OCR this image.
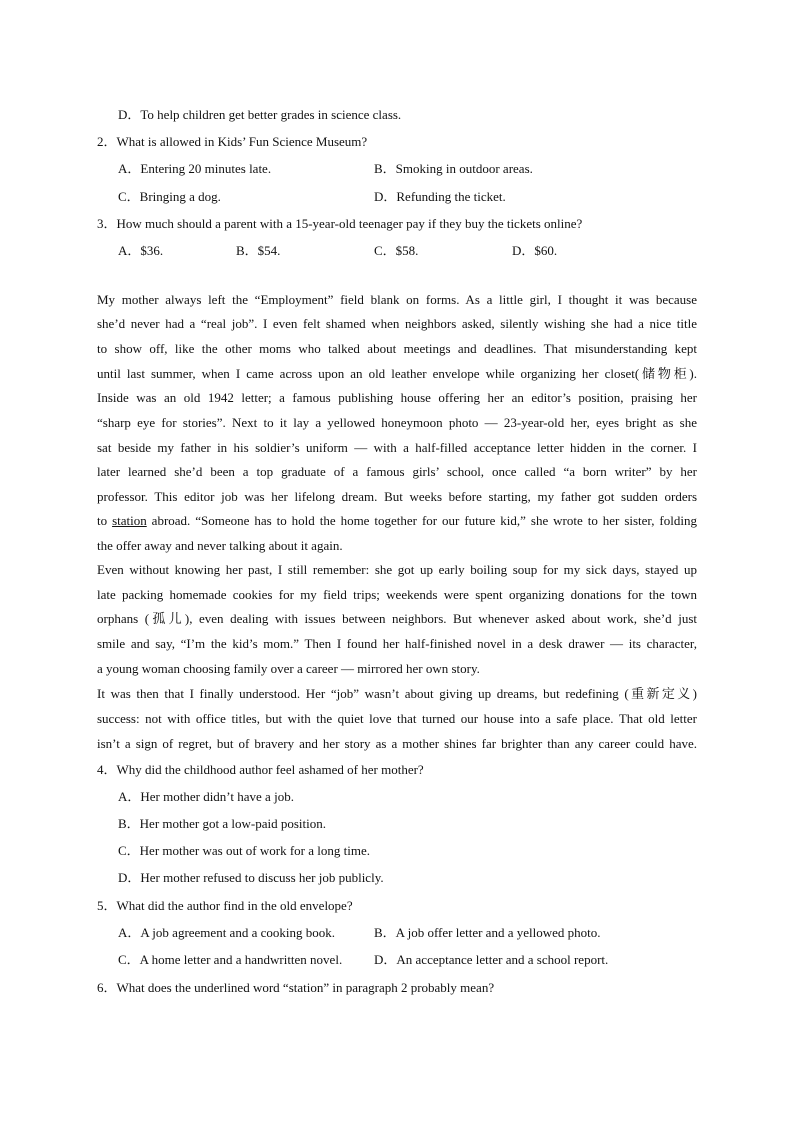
D．To help children get better grades in science class.
2．What is allowed in Kids’ Fun Science Museum?
A．Entering 20 minutes late.	B．Smoking in outdoor areas.
C．Bringing a dog.	D．Refunding the ticket.
3．How much should a parent with a 15-year-old teenager pay if they buy the tickets online?
A．$36.	B．$54.	C．$58.	D．$60.
My mother always left the “Employment” field blank on forms. As a little girl, I thought it was because
she’d never had a “real job”. I even felt shamed when neighbors asked, silently wishing she had a nice title
to show off, like the other moms who talked about meetings and deadlines. That misunderstanding kept
until last summer, when I came across upon an old leather envelope while organizing her closet(储物柜).
Inside was an old 1942 letter; a famous publishing house offering her an editor’s position, praising her
“sharp eye for stories”. Next to it lay a yellowed honeymoon photo — 23-year-old her, eyes bright as she
sat beside my father in his soldier’s uniform — with a half-filled acceptance letter hidden in the corner. I
later learned she’d been a top graduate of a famous girls’ school, once called “a born writer” by her
professor. This editor job was her lifelong dream. But weeks before starting, my father got sudden orders
to station abroad. “Someone has to hold the home together for our future kid,” she wrote to her sister, folding
the offer away and never talking about it again.
Even without knowing her past, I still remember: she got up early boiling soup for my sick days, stayed up
late packing homemade cookies for my field trips; weekends were spent organizing donations for the town
orphans (孤儿), even dealing with issues between neighbors. But whenever asked about work, she’d just
smile and say, “I’m the kid’s mom.” Then I found her half-finished novel in a desk drawer — its character,
a young woman choosing family over a career — mirrored her own story.
It was then that I finally understood. Her “job” wasn’t about giving up dreams, but redefining (重新定义)
success: not with office titles, but with the quiet love that turned our house into a safe place. That old letter
isn’t a sign of regret, but of bravery and her story as a mother shines far brighter than any career could have.
4．Why did the childhood author feel ashamed of her mother?
A．Her mother didn’t have a job.
B．Her mother got a low-paid position.
C．Her mother was out of work for a long time.
D．Her mother refused to discuss her job publicly.
5．What did the author find in the old envelope?
A．A job agreement and a cooking book.	B．A job offer letter and a yellowed photo.
C．A home letter and a handwritten novel. D．An acceptance letter and a school report.
6．What does the underlined word “station” in paragraph 2 probably mean?
